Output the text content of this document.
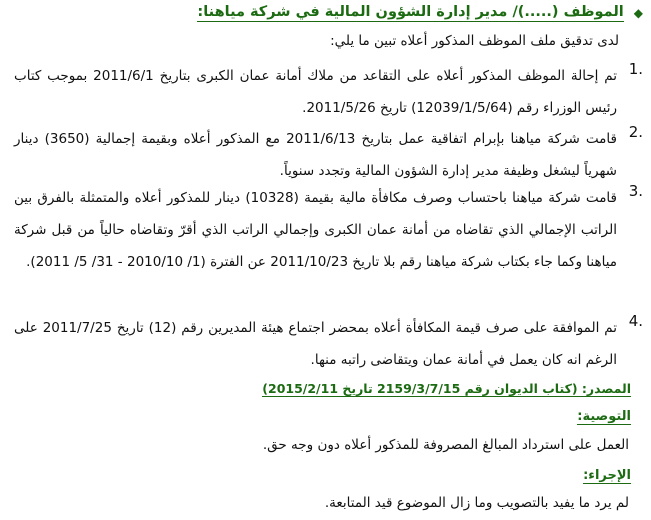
◆
الموظف (.....)/ مدير إدارة الشؤون المالية في شركة مياهنا:
لدى تدقيق ملف الموظف المذكور أعلاه تبين ما يلي:
1.
تم إحالة الموظف المذكور أعلاه على التقاعد من ملاك أمانة عمان الكبرى بتاريخ 2011/6/1 بموجب كتاب رئيس الوزراء رقم (12039/1/5/64) تاريخ 2011/5/26.
2.
قامت شركة مياهنا بإبرام اتفاقية عمل بتاريخ 2011/6/13 مع المذكور أعلاه وبقيمة إجمالية (3650) دينار شهرياً ليشغل وظيفة مدير إدارة الشؤون المالية وتجدد سنوياً.
3.
قامت شركة مياهنا باحتساب وصرف مكافأة مالية بقيمة (10328) دينار للمذكور أعلاه والمتمثلة بالفرق بين الراتب الإجمالي الذي تقاضاه من أمانة عمان الكبرى وإجمالي الراتب الذي أقرّ وتقاضاه حالياً من قبل شركة مياهنا وكما جاء بكتاب شركة مياهنا رقم بلا تاريخ 2011/10/23 عن الفترة (1/ 2010/10 - 31/ 5/ 2011).
4.
تم الموافقة على صرف قيمة المكافأة أعلاه بمحضر اجتماع هيئة المديرين رقم (12) تاريخ 2011/7/25 على الرغم انه كان يعمل في أمانة عمان ويتقاضى راتبه منها.
المصدر: (كتاب الديوان رقم 2159/3/7/15 تاريخ 2015/2/11)
التوصية:
العمل على استرداد المبالغ المصروفة للمذكور أعلاه دون وجه حق.
الإجراء:
لم يرد ما يفيد بالتصويب وما زال الموضوع قيد المتابعة.
